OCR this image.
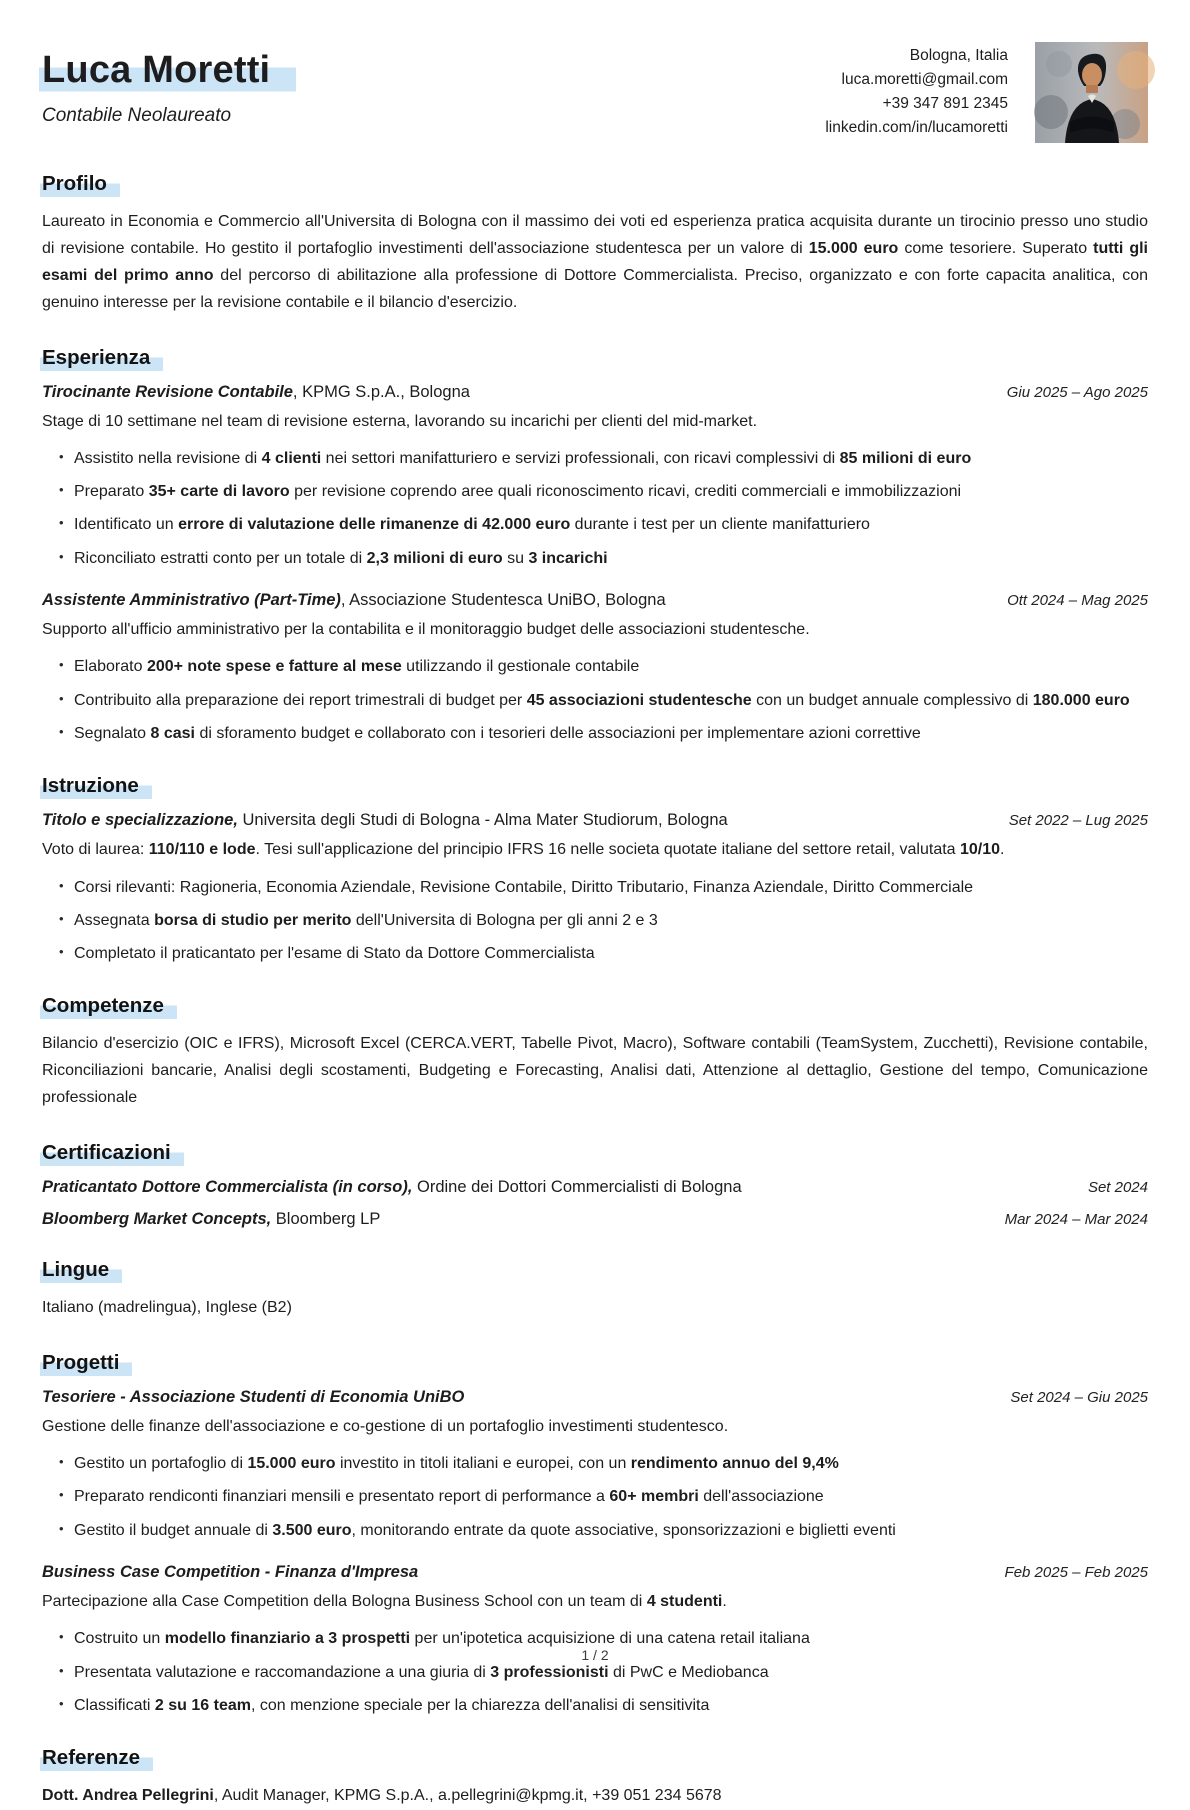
Luca Moretti
Contabile Neolaureato
Bologna, Italia
luca.moretti@gmail.com
+39 347 891 2345
linkedin.com/in/lucamoretti
Profilo

Laureato in Economia e Commercio all'Universita di Bologna con il massimo dei voti ed esperienza pratica acquisita durante un tirocinio presso uno studio di revisione contabile. Ho gestito il portafoglio investimenti dell'associazione studentesca per un valore di 15.000 euro come tesoriere. Superato tutti gli esami del primo anno del percorso di abilitazione alla professione di Dottore Commercialista. Preciso, organizzato e con forte capacita analitica, con genuino interesse per la revisione contabile e il bilancio d'esercizio.

Esperienza
Tirocinante Revisione Contabile, KPMG S.p.A., Bologna	Giu 2025 – Ago 2025

Stage di 10 settimane nel team di revisione esterna, lavorando su incarichi per clienti del mid-market.

• Assistito nella revisione di 4 clienti nei settori manifatturiero e servizi professionali, con ricavi complessivi di 85 milioni di euro
• Preparato 35+ carte di lavoro per revisione coprendo aree quali riconoscimento ricavi, crediti commerciali e immobilizzazioni
• Identificato un errore di valutazione delle rimanenze di 42.000 euro durante i test per un cliente manifatturiero
• Riconciliato estratti conto per un totale di 2,3 milioni di euro su 3 incarichi
Assistente Amministrativo (Part-Time), Associazione Studentesca UniBO, Bologna	Ott 2024 – Mag 2025

Supporto all'ufficio amministrativo per la contabilita e il monitoraggio budget delle associazioni studentesche.

• Elaborato 200+ note spese e fatture al mese utilizzando il gestionale contabile
• Contribuito alla preparazione dei report trimestrali di budget per 45 associazioni studentesche con un budget annuale complessivo di 180.000 euro
• Segnalato 8 casi di sforamento budget e collaborato con i tesorieri delle associazioni per implementare azioni correttive
Istruzione
Titolo e specializzazione, Universita degli Studi di Bologna - Alma Mater Studiorum, Bologna	Set 2022 – Lug 2025

Voto di laurea: 110/110 e lode. Tesi sull'applicazione del principio IFRS 16 nelle societa quotate italiane del settore retail, valutata 10/10.

• Corsi rilevanti: Ragioneria, Economia Aziendale, Revisione Contabile, Diritto Tributario, Finanza Aziendale, Diritto Commerciale
• Assegnata borsa di studio per merito dell'Universita di Bologna per gli anni 2 e 3
• Completato il praticantato per l'esame di Stato da Dottore Commercialista
Competenze

Bilancio d'esercizio (OIC e IFRS), Microsoft Excel (CERCA.VERT, Tabelle Pivot, Macro), Software contabili (TeamSystem, Zucchetti), Revisione contabile, Riconciliazioni bancarie, Analisi degli scostamenti, Budgeting e Forecasting, Analisi dati, Attenzione al dettaglio, Gestione del tempo, Comunicazione professionale

Certificazioni
Praticantato Dottore Commercialista (in corso), Ordine dei Dottori Commercialisti di Bologna	Set 2024
Bloomberg Market Concepts, Bloomberg LP	Mar 2024 – Mar 2024
Lingue

Italiano (madrelingua), Inglese (B2)

Progetti
Tesoriere - Associazione Studenti di Economia UniBO	Set 2024 – Giu 2025

Gestione delle finanze dell'associazione e co-gestione di un portafoglio investimenti studentesco.

• Gestito un portafoglio di 15.000 euro investito in titoli italiani e europei, con un rendimento annuo del 9,4%
• Preparato rendiconti finanziari mensili e presentato report di performance a 60+ membri dell'associazione
• Gestito il budget annuale di 3.500 euro, monitorando entrate da quote associative, sponsorizzazioni e biglietti eventi
Business Case Competition - Finanza d'Impresa	Feb 2025 – Feb 2025

Partecipazione alla Case Competition della Bologna Business School con un team di 4 studenti.

• Costruito un modello finanziario a 3 prospetti per un'ipotetica acquisizione di una catena retail italiana
• Presentata valutazione e raccomandazione a una giuria di 3 professionisti di PwC e Mediobanca
• Classificati 2 su 16 team, con menzione speciale per la chiarezza dell'analisi di sensitivita
Referenze

Dott. Andrea Pellegrini, Audit Manager, KPMG S.p.A., a.pellegrini@kpmg.it, +39 051 234 5678

1 / 2
